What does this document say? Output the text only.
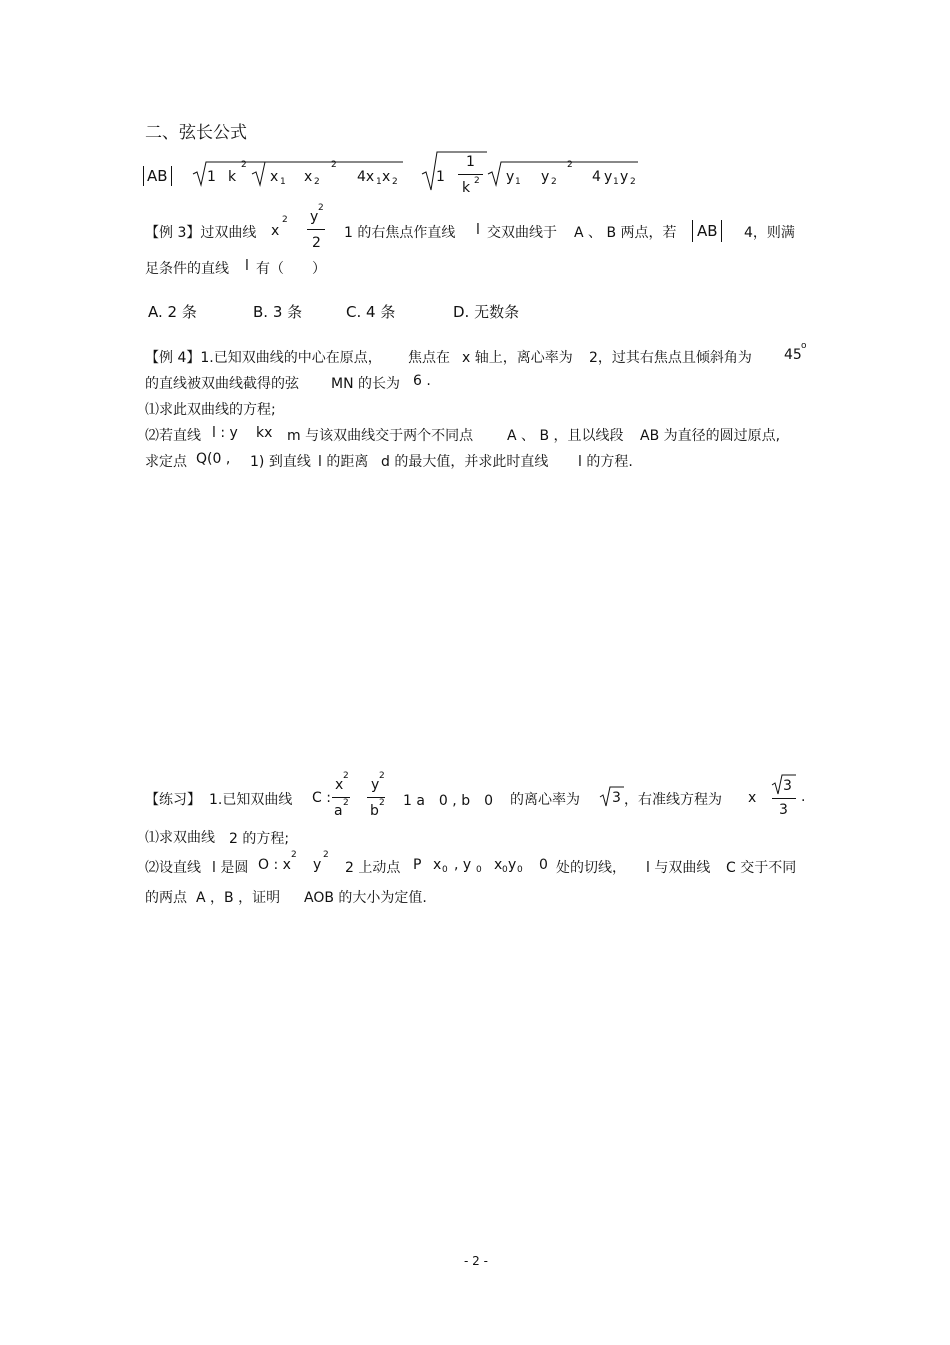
二、弦长公式
AB	1 k
2
x 1 x 2
2
4x 1 x 2	1
1
k 2 y 1 y 2
2
4 y 1 y 2
【例 3】过双曲线 x
2 y
2
2
1 的右焦点作直线 l 交双曲线于 A 、 B 两点，若 AB 4，则满
足条件的直线 l 有（　　）
A. 2 条	B. 3 条	C. 4 条	D. 无数条
【例 4】1.已知双曲线的中心在原点， 焦点在 x 轴上，离心率为 2，过其右焦点且倾斜角为 45
o
的直线被双曲线截得的弦 MN 的长为 6 .
⑴求此双曲线的方程;
⑵若直线 l : y kx m 与该双曲线交于两个不同点 A 、 B ，且以线段 AB 为直径的圆过原点,
求定点 Q(0 , 1) 到直线 l 的距离 d 的最大值，并求此时直线 l 的方程.
【练习】 1.已知双曲线 C :
x
2
a 2
y
2
b 2 1 a　0 , b　0 的离心率为 3 ，右准线方程为 x
3
3
.
⑴求双曲线 2 的方程;
⑵设直线 l 是圆 O : x
2
y
2
2 上动点 P x 0 , y 0 x 0 y 0 0 处的切线， l 与双曲线 C 交于不同
的两点 A ，B ，证明 AOB 的大小为定值.
- 2 -
